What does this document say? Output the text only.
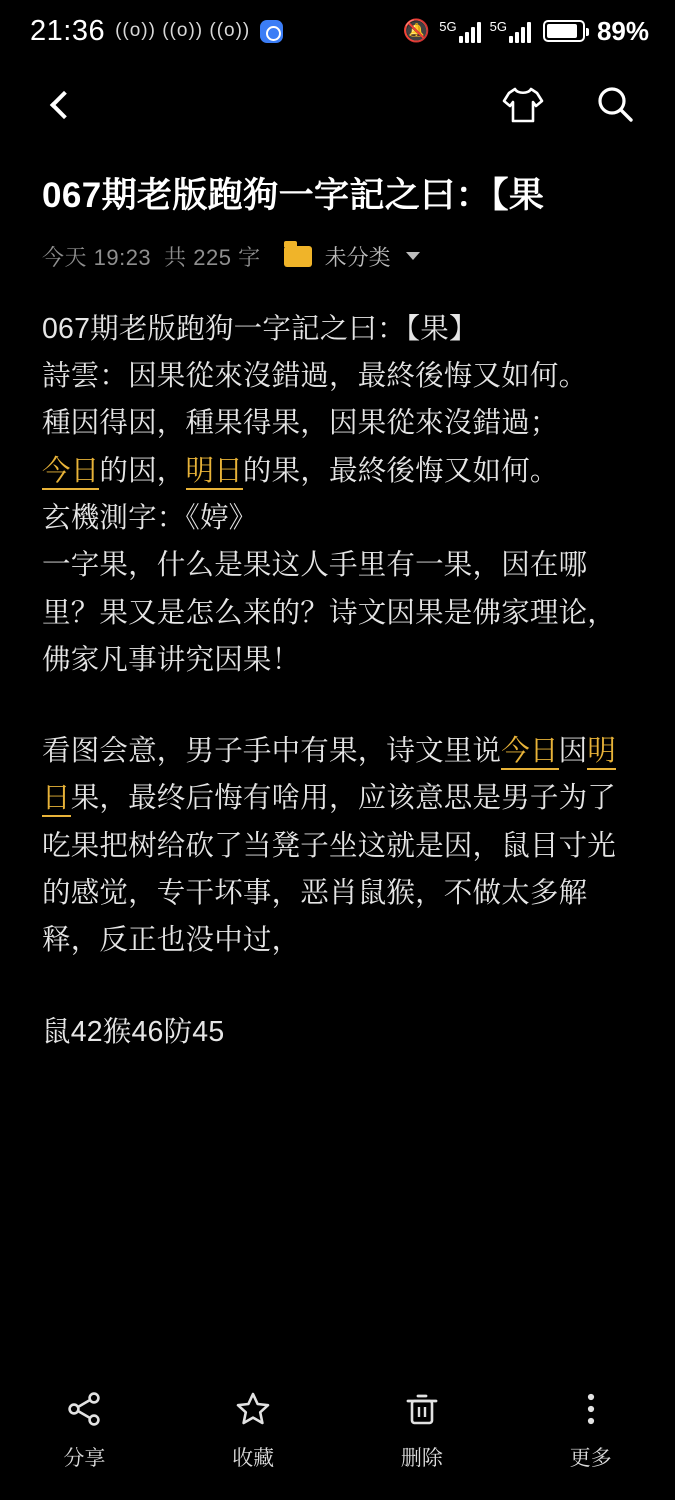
21:36 ((o)) ((o)) ((o))	🔕 5G	5G	89%
067期老版跑狗一字記之曰：【果
今天 19:23 共 225 字	未分类

067期老版跑狗一字記之曰：【果】

詩雲：因果從來沒錯過，最終後悔又如何。

種因得因，種果得果，因果從來沒錯過；

今日的因，明日的果，最終後悔又如何。

玄機測字：《婷》

一字果，什么是果这人手里有一果，因在哪里？果又是怎么来的？诗文因果是佛家理论，佛家凡事讲究因果！

看图会意，男子手中有果，诗文里说今日因明日果，最终后悔有啥用，应该意思是男子为了吃果把树给砍了当凳子坐这就是因，鼠目寸光的感觉，专干坏事，恶肖鼠猴，不做太多解释，反正也没中过，

鼠42猴46防45

分享	收藏	删除	更多
